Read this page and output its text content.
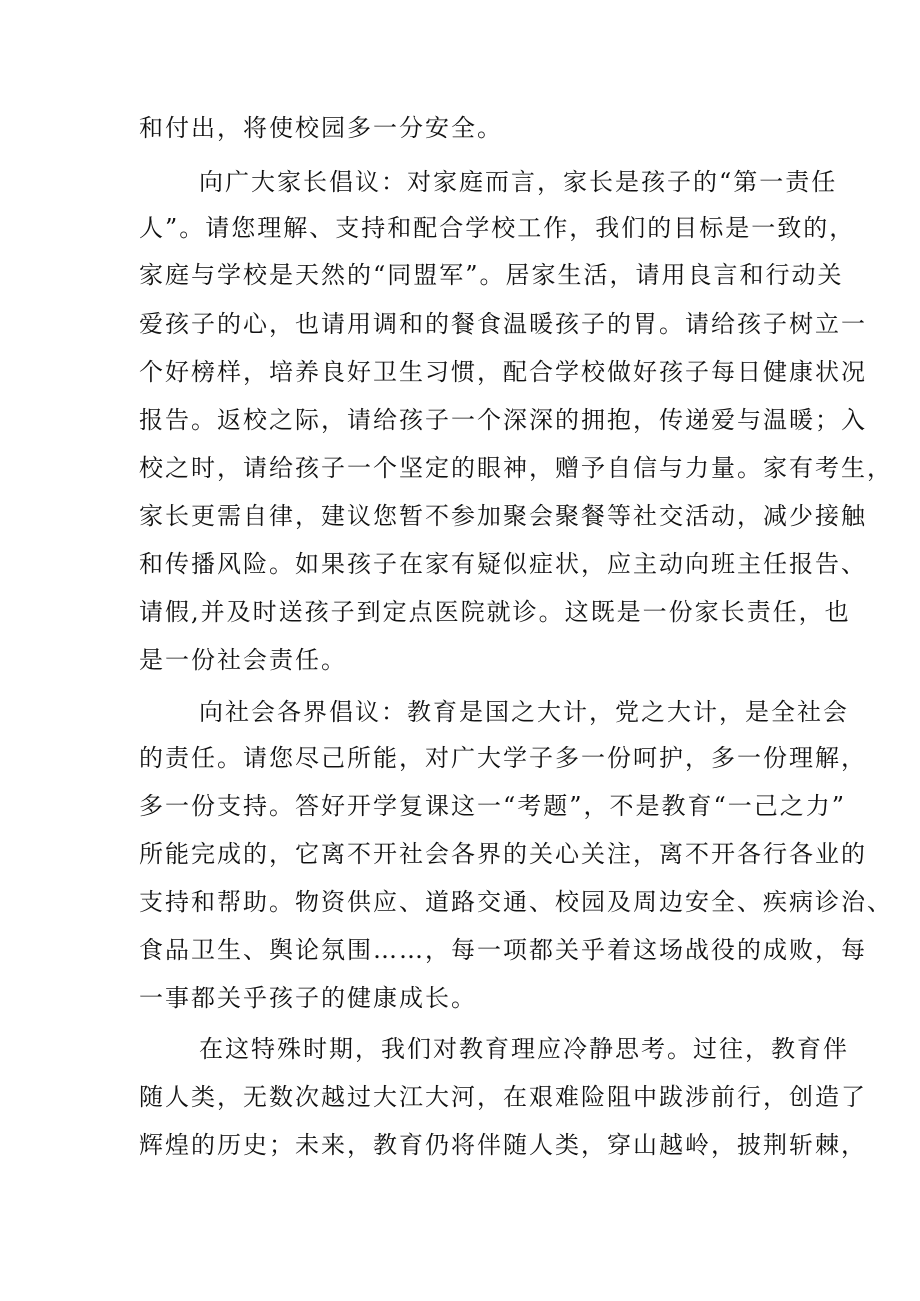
和付出，将使校园多一分安全。
向广大家长倡议：对家庭而言，家长是孩子的“第一责任
人”。请您理解、支持和配合学校工作，我们的目标是一致的，
家庭与学校是天然的“同盟军”。居家生活，请用良言和行动关
爱孩子的心，也请用调和的餐食温暖孩子的胃。请给孩子树立一
个好榜样，培养良好卫生习惯，配合学校做好孩子每日健康状况
报告。返校之际，请给孩子一个深深的拥抱，传递爱与温暖；入
校之时，请给孩子一个坚定的眼神，赠予自信与力量。家有考生，
家长更需自律，建议您暂不参加聚会聚餐等社交活动，减少接触
和传播风险。如果孩子在家有疑似症状，应主动向班主任报告、
请假,并及时送孩子到定点医院就诊。这既是一份家长责任，也
是一份社会责任。
向社会各界倡议：教育是国之大计，党之大计，是全社会
的责任。请您尽己所能，对广大学子多一份呵护，多一份理解，
多一份支持。答好开学复课这一“考题”，不是教育“一己之力”
所能完成的，它离不开社会各界的关心关注，离不开各行各业的
支持和帮助。物资供应、道路交通、校园及周边安全、疾病诊治、
食品卫生、舆论氛围……，每一项都关乎着这场战役的成败，每
一事都关乎孩子的健康成长。
在这特殊时期，我们对教育理应冷静思考。过往，教育伴
随人类，无数次越过大江大河，在艰难险阻中跋涉前行，创造了
辉煌的历史；未来，教育仍将伴随人类，穿山越岭，披荆斩棘，
